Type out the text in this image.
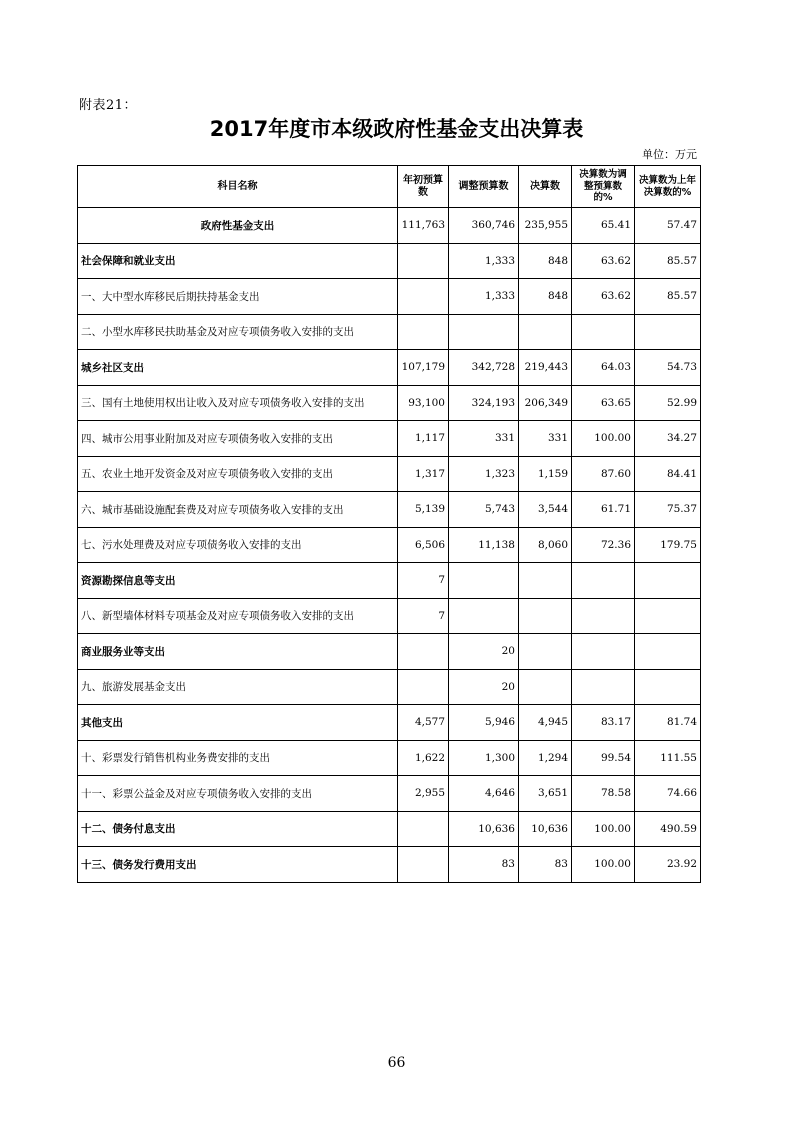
附表21：
2017年度市本级政府性基金支出决算表
单位：万元
科目名称	年初预算数	调整预算数	决算数	决算数为调整预算数的%	决算数为上年决算数的%
政府性基金支出	111,763	360,746	235,955	65.41	57.47
社会保障和就业支出		1,333	848	63.62	85.57
一、大中型水库移民后期扶持基金支出		1,333	848	63.62	85.57
二、小型水库移民扶助基金及对应专项债务收入安排的支出					
城乡社区支出	107,179	342,728	219,443	64.03	54.73
三、国有土地使用权出让收入及对应专项债务收入安排的支出	93,100	324,193	206,349	63.65	52.99
四、城市公用事业附加及对应专项债务收入安排的支出	1,117	331	331	100.00	34.27
五、农业土地开发资金及对应专项债务收入安排的支出	1,317	1,323	1,159	87.60	84.41
六、城市基础设施配套费及对应专项债务收入安排的支出	5,139	5,743	3,544	61.71	75.37
七、污水处理费及对应专项债务收入安排的支出	6,506	11,138	8,060	72.36	179.75
资源勘探信息等支出	7				
八、新型墙体材料专项基金及对应专项债务收入安排的支出	7				
商业服务业等支出		20			
九、旅游发展基金支出		20			
其他支出	4,577	5,946	4,945	83.17	81.74
十、彩票发行销售机构业务费安排的支出	1,622	1,300	1,294	99.54	111.55
十一、彩票公益金及对应专项债务收入安排的支出	2,955	4,646	3,651	78.58	74.66
十二、债务付息支出		10,636	10,636	100.00	490.59
十三、债务发行费用支出		83	83	100.00	23.92
66
